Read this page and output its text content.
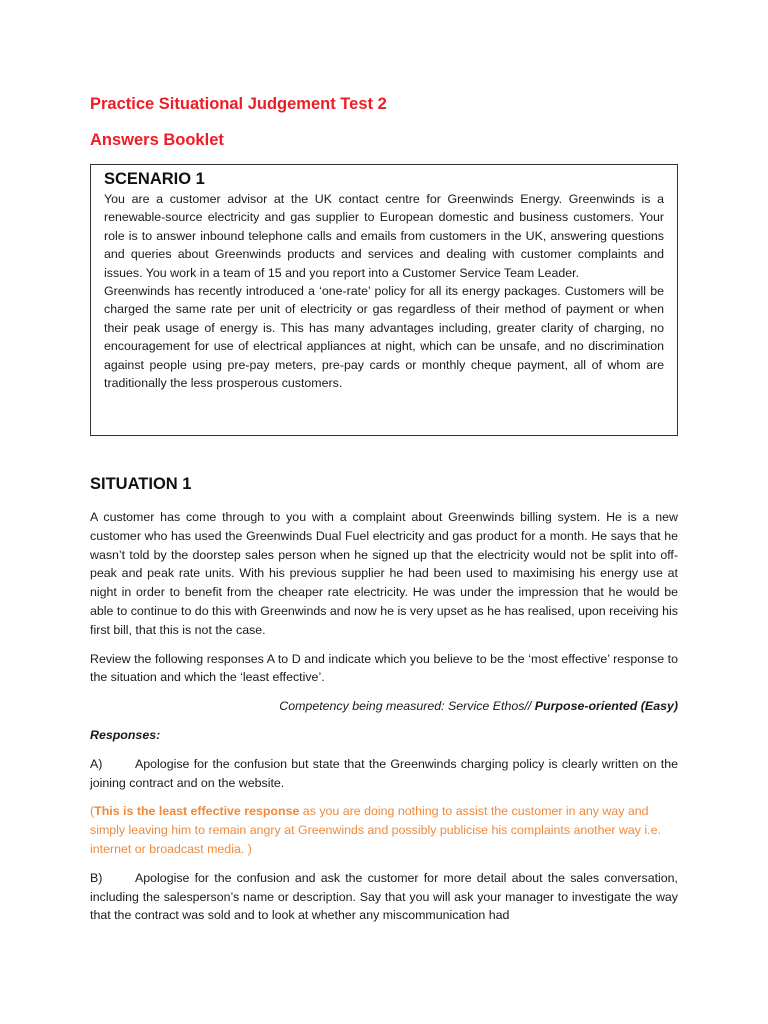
Practice Situational Judgement Test 2
Answers Booklet
SCENARIO 1

You are a customer advisor at the UK contact centre for Greenwinds Energy. Greenwinds is a renewable-source electricity and gas supplier to European domestic and business customers. Your role is to answer inbound telephone calls and emails from customers in the UK, answering questions and queries about Greenwinds products and services and dealing with customer complaints and issues. You work in a team of 15 and you report into a Customer Service Team Leader.

Greenwinds has recently introduced a ‘one-rate’ policy for all its energy packages. Customers will be charged the same rate per unit of electricity or gas regardless of their method of payment or when their peak usage of energy is. This has many advantages including, greater clarity of charging, no encouragement for use of electrical appliances at night, which can be unsafe, and no discrimination against people using pre-pay meters, pre-pay cards or monthly cheque payment, all of whom are traditionally the less prosperous customers.

SITUATION 1

A customer has come through to you with a complaint about Greenwinds billing system. He is a new customer who has used the Greenwinds Dual Fuel electricity and gas product for a month. He says that he wasn’t told by the doorstep sales person when he signed up that the electricity would not be split into off-peak and peak rate units. With his previous supplier he had been used to maximising his energy use at night in order to benefit from the cheaper rate electricity. He was under the impression that he would be able to continue to do this with Greenwinds and now he is very upset as he has realised, upon receiving his first bill, that this is not the case.

Review the following responses A to D and indicate which you believe to be the ‘most effective’ response to the situation and which the ‘least effective’.

Competency being measured: Service Ethos// Purpose-oriented (Easy)

Responses:

A)	Apologise for the confusion but state that the Greenwinds charging policy is clearly written on the joining contract and on the website.

(This is the least effective response as you are doing nothing to assist the customer in any way and simply leaving him to remain angry at Greenwinds and possibly publicise his complaints another way i.e. internet or broadcast media. )

B)	Apologise for the confusion and ask the customer for more detail about the sales conversation, including the salesperson’s name or description. Say that you will ask your manager to investigate the way that the contract was sold and to look at whether any miscommunication had
